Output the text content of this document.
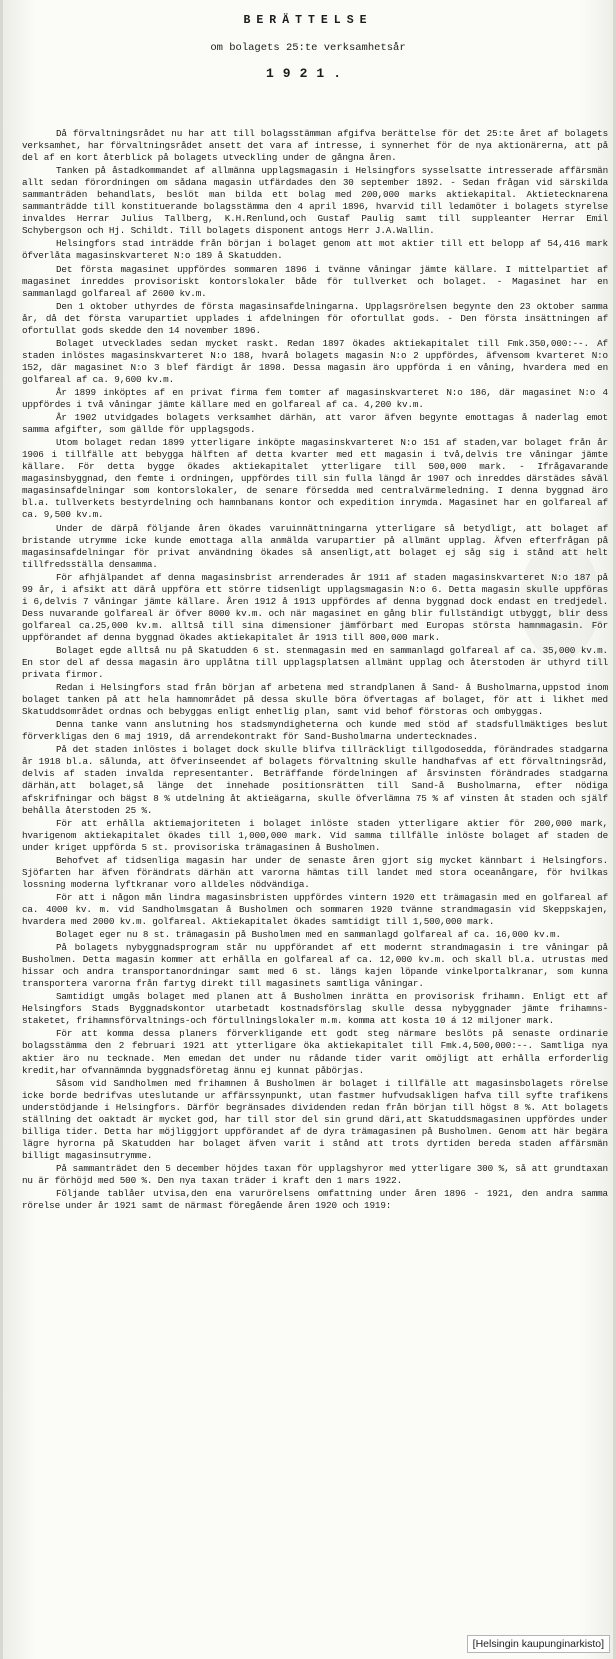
BERÄTTELSE
om bolagets 25:te verksamhetsår
1921.

Då förvaltningsrådet nu har att till bolagsstämman afgifva berättelse för det 25:te året af bolagets verksamhet, har förvaltningsrådet ansett det vara af intresse, i synnerhet för de nya aktionärerna, att på del af en kort återblick på bolagets utveckling under de gångna åren.

Tanken på åstadkommandet af allmänna upplagsmagasin i Helsingfors sysselsatte intresserade affärsmän allt sedan förordningen om sådana magasin utfärdades den 30 september 1892. - Sedan frågan vid särskilda sammanträden behandlats, beslöt man bilda ett bolag med 200,000 marks aktiekapital. Aktietecknarena sammanträdde till konstituerande bolagsstämma den 4 april 1896, hvarvid till ledamöter i bolagets styrelse invaldes Herrar Julius Tallberg, K.H.Renlund,och Gustaf Paulig samt till suppleanter Herrar Emil Schybergson och Hj. Schildt. Till bolagets disponent antogs Herr J.A.Wallin.

Helsingfors stad inträdde från början i bolaget genom att mot aktier till ett belopp af 54,416 mark öfverlåta magasinskvarteret N:o 189 å Skatudden.

Det första magasinet uppfördes sommaren 1896 i tvänne våningar jämte källare. I mittelpartiet af magasinet inreddes provisoriskt kontorslokaler både för tullverket och bolaget. - Magasinet har en sammanlagd golfareal af 2600 kv.m.

Den 1 oktober uthyrdes de första magasinsafdelningarna. Upplagsrörelsen begynte den 23 oktober samma år, då det första varupartiet upplades i afdelningen för ofortullat gods. - Den första insättningen af ofortullat gods skedde den 14 november 1896.

Bolaget utvecklades sedan mycket raskt. Redan 1897 ökades aktiekapitalet till Fmk.350,000:--. Af staden inlöstes magasinskvarteret N:o 188, hvarå bolagets magasin N:o 2 uppfördes, äfvensom kvarteret N:o 152, där magasinet N:o 3 blef färdigt år 1898. Dessa magasin äro uppförda i en våning, hvardera med en golfareal af ca. 9,600 kv.m.

År 1899 inköptes af en privat firma fem tomter af magasinskvarteret N:o 186, där magasinet N:o 4 uppfördes i två våningar jämte källare med en golfareal af ca. 4,200 kv.m.

År 1902 utvidgades bolagets verksamhet därhän, att varor äfven begynte emottagas å naderlag emot samma afgifter, som gällde för upplagsgods.

Utom bolaget redan 1899 ytterligare inköpte magasinskvarteret N:o 151 af staden,var bolaget från år 1906 i tillfälle att bebygga hälften af detta kvarter med ett magasin i två,delvis tre våningar jämte källare. För detta bygge ökades aktiekapitalet ytterligare till 500,000 mark. - Ifrågavarande magasinsbyggnad, den femte i ordningen, uppfördes till sin fulla längd år 1907 och inreddes därstädes såväl magasinsafdelningar som kontorslokaler, de senare försedda med centralvärmeledning. I denna byggnad äro bl.a. tullverkets bestyrdelning och hamnbanans kontor och expedition inrymda. Magasinet har en golfareal af ca. 9,500 kv.m.

Under de därpå följande åren ökades varuinnättningarna ytterligare så betydligt, att bolaget af bristande utrymme icke kunde emottaga alla anmälda varupartier på allmänt upplag. Äfven efterfrågan på magasinsafdelningar för privat användning ökades så ansenligt,att bolaget ej såg sig i stånd att helt tillfredsställa densamma.

För afhjälpandet af denna magasinsbrist arrenderades år 1911 af staden magasinskvarteret N:o 187 på 99 år, i afsikt att därå uppföra ett större tidsenligt upplagsmagasin N:o 6. Detta magasin skulle uppföras i 6,delvis 7 våningar jämte källare. Åren 1912 å 1913 uppfördes af denna byggnad dock endast en tredjedel. Dess nuvarande golfareal är öfver 8000 kv.m. och när magasinet en gång blir fullständigt utbyggt, blir dess golfareal ca.25,000 kv.m. alltså till sina dimensioner jämförbart med Europas största hamnmagasin. För uppförandet af denna byggnad ökades aktiekapitalet år 1913 till 800,000 mark.

Bolaget egde alltså nu på Skatudden 6 st. stenmagasin med en sammanlagd golfareal af ca. 35,000 kv.m. En stor del af dessa magasin äro upplåtna till upplagsplatsen allmänt upplag och återstoden är uthyrd till privata firmor.

Redan i Helsingfors stad från början af arbetena med strandplanen å Sand- å Busholmarna,uppstod inom bolaget tanken på att hela hamnområdet på dessa skulle böra öfvertagas af bolaget, för att i likhet med Skatuddsområdet ordnas och bebyggas enligt enhetlig plan, samt vid behof förstoras och ombyggas.

Denna tanke vann anslutning hos stadsmyndigheterna och kunde med stöd af stadsfullmäktiges beslut förverkligas den 6 maj 1919, då arrendekontrakt för Sand-Busholmarna undertecknades.

På det staden inlöstes i bolaget dock skulle blifva tillräckligt tillgodosedda, förändrades stadgarna år 1918 bl.a. sålunda, att öfverinseendet af bolagets förvaltning skulle handhafvas af ett förvaltningsråd, delvis af staden invalda representanter. Beträffande fördelningen af årsvinsten förändrades stadgarna därhän,att bolaget,så länge det innehade positionsrätten till Sand-å Busholmarna, efter nödiga afskrifningar och bägst 8 % utdelning åt aktieägarna, skulle öfverlämna 75 % af vinsten åt staden och själf behålla återstoden 25 %.

För att erhålla aktiemajoriteten i bolaget inlöste staden ytterligare aktier för 200,000 mark, hvarigenom aktiekapitalet ökades till 1,000,000 mark. Vid samma tillfälle inlöste bolaget af staden de under kriget uppförda 5 st. provisoriska trämagasinen å Busholmen.

Behofvet af tidsenliga magasin har under de senaste åren gjort sig mycket kännbart i Helsingfors. Sjöfarten har äfven förändrats därhän att varorna hämtas till landet med stora oceanångare, för hvilkas lossning moderna lyftkranar voro alldeles nödvändiga.

För att i någon mån lindra magasinsbristen uppfördes vintern 1920 ett trämagasin med en golfareal af ca. 4000 kv. m. vid Sandholmsgatan å Busholmen och sommaren 1920 tvänne strandmagasin vid Skeppskajen, hvardera med 2000 kv.m. golfareal. Aktiekapitalet ökades samtidigt till 1,500,000 mark.

Bolaget eger nu 8 st. trämagasin på Busholmen med en sammanlagd golfareal af ca. 16,000 kv.m.

På bolagets nybyggnadsprogram står nu uppförandet af ett modernt strandmagasin i tre våningar på Busholmen. Detta magasin kommer att erhålla en golfareal af ca. 12,000 kv.m. och skall bl.a. utrustas med hissar och andra transportanordningar samt med 6 st. längs kajen löpande vinkelportalkranar, som kunna transportera varorna från fartyg direkt till magasinets samtliga våningar.

Samtidigt umgås bolaget med planen att å Busholmen inrätta en provisorisk frihamn. Enligt ett af Helsingfors Stads Byggnadskontor utarbetadt kostnadsförslag skulle dessa nybyggnader jämte frihamns-staketet, frihamnsförvaltnings-och förtullningslokaler m.m. komma att kosta 10 á 12 miljoner mark.

För att komma dessa planers förverkligande ett godt steg närmare beslöts på senaste ordinarie bolagsstämma den 2 februari 1921 att ytterligare öka aktiekapitalet till Fmk.4,500,000:--. Samtliga nya aktier äro nu tecknade. Men emedan det under nu rådande tider varit omöjligt att erhålla erforderlig kredit,har ofvannämnda byggnadsföretag ännu ej kunnat påbörjas.

Såsom vid Sandholmen med frihamnen å Busholmen är bolaget i tillfälle att magasinsbolagets rörelse icke borde bedrifvas uteslutande ur affärssynpunkt, utan fastmer hufvudsakligen hafva till syfte trafikens understödjande i Helsingfors. Därför begränsades dividenden redan från början till högst 8 %. Att bolagets ställning det oaktadt är mycket god, har till stor del sin grund däri,att Skatuddsmagasinen uppfördes under billiga tider. Detta har möjliggjort uppförandet af de dyra trämagasinen på Busholmen. Genom att här begära lägre hyrorna på Skatudden har bolaget äfven varit i stånd att trots dyrtiden bereda staden affärsmän billigt magasinsutrymme.

På sammanträdet den 5 december höjdes taxan för upplagshyror med ytterligare 300 %, så att grundtaxan nu är förhöjd med 500 %. Den nya taxan träder i kraft den 1 mars 1922.

Följande tablåer utvisa,den ena varurörelsens omfattning under åren 1896 - 1921, den andra samma rörelse under år 1921 samt de närmast föregående åren 1920 och 1919:

[Helsingin kaupunginarkisto]
